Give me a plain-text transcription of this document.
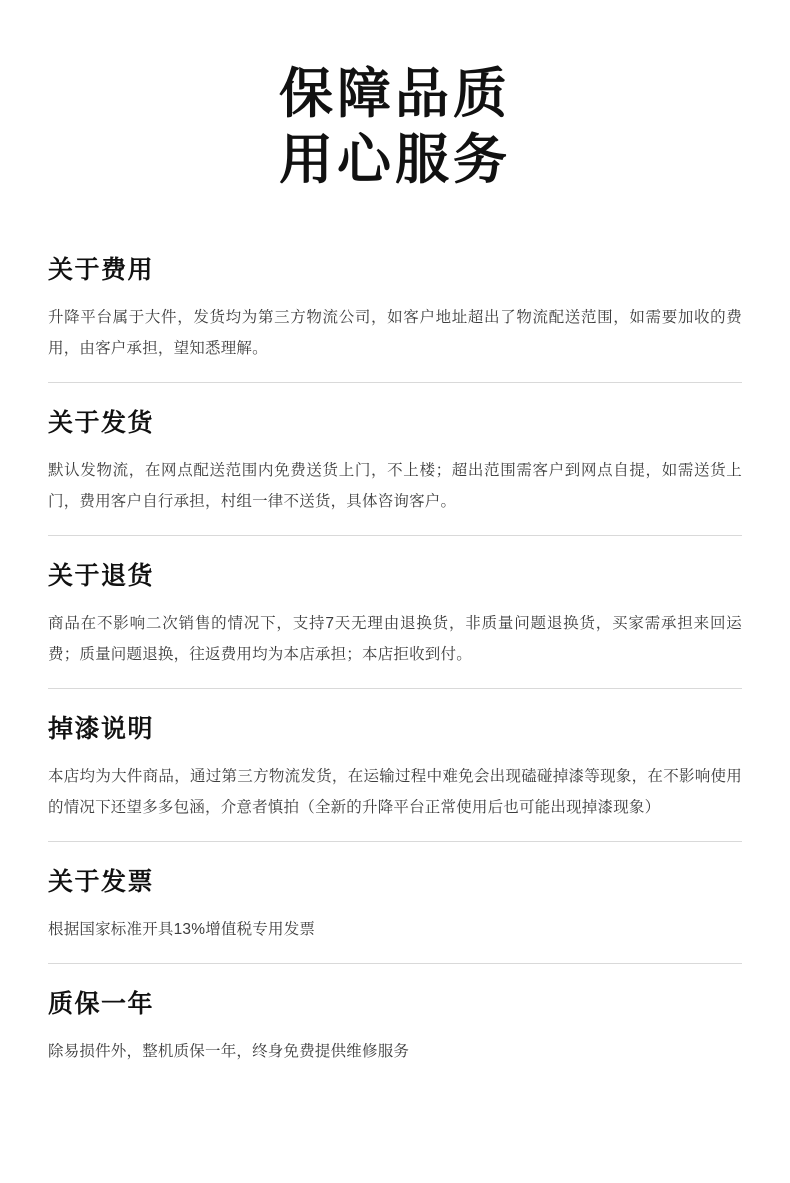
保障品质
用心服务
关于费用

升降平台属于大件，发货均为第三方物流公司，如客户地址超出了物流配送范围，如需要加收的费用，由客户承担，望知悉理解。

关于发货

默认发物流，在网点配送范围内免费送货上门，不上楼；超出范围需客户到网点自提，如需送货上门，费用客户自行承担，村组一律不送货，具体咨询客户。

关于退货

商品在不影响二次销售的情况下，支持7天无理由退换货，非质量问题退换货，买家需承担来回运费；质量问题退换，往返费用均为本店承担；本店拒收到付。

掉漆说明

本店均为大件商品，通过第三方物流发货，在运输过程中难免会出现磕碰掉漆等现象，在不影响使用的情况下还望多多包涵，介意者慎拍（全新的升降平台正常使用后也可能出现掉漆现象）

关于发票

根据国家标准开具13%增值税专用发票

质保一年

除易损件外，整机质保一年，终身免费提供维修服务
